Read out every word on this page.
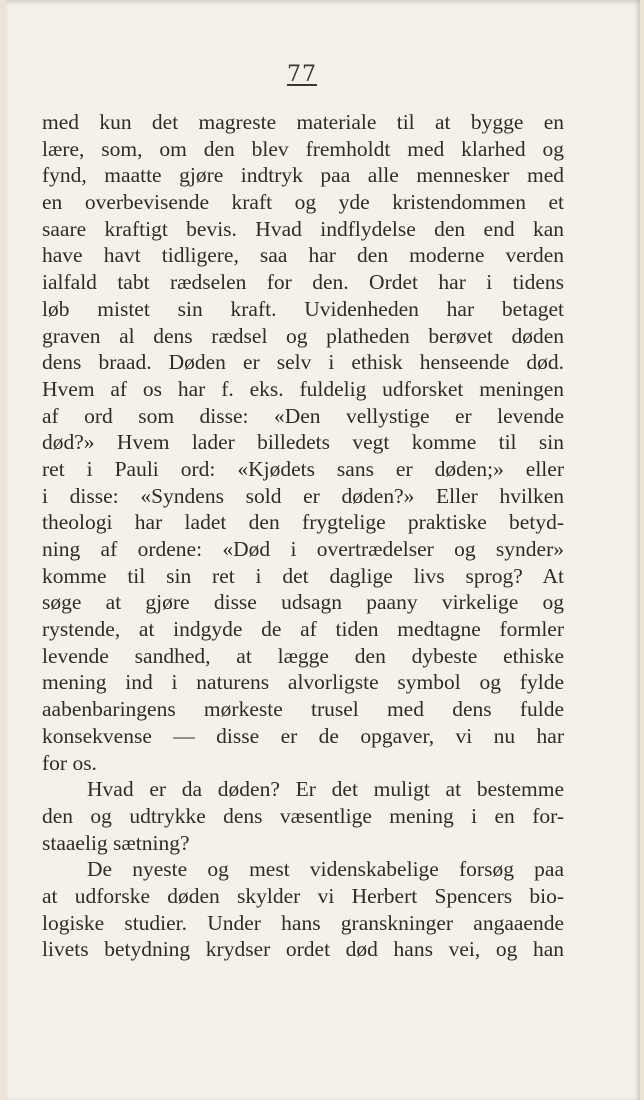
77
med kun det magreste materiale til at bygge en
lære, som, om den blev fremholdt med klarhed og
fynd, maatte gjøre indtryk paa alle mennesker med
en overbevisende kraft og yde kristendommen et
saare kraftigt bevis. Hvad indflydelse den end kan
have havt tidligere, saa har den moderne verden
ialfald tabt rædselen for den. Ordet har i tidens
løb mistet sin kraft. Uvidenheden har betaget
graven al dens rædsel og platheden berøvet døden
dens braad. Døden er selv i ethisk henseende død.
Hvem af os har f. eks. fuldelig udforsket meningen
af ord som disse: «Den vellystige er levende
død?» Hvem lader billedets vegt komme til sin
ret i Pauli ord: «Kjødets sans er døden;» eller
i disse: «Syndens sold er døden?» Eller hvilken
theologi har ladet den frygtelige praktiske betyd-
ning af ordene: «Død i overtrædelser og synder»
komme til sin ret i det daglige livs sprog? At
søge at gjøre disse udsagn paany virkelige og
rystende, at indgyde de af tiden medtagne formler
levende sandhed, at lægge den dybeste ethiske
mening ind i naturens alvorligste symbol og fylde
aabenbaringens mørkeste trusel med dens fulde
konsekvense — disse er de opgaver, vi nu har
for os.
Hvad er da døden? Er det muligt at bestemme
den og udtrykke dens væsentlige mening i en for-
staaelig sætning?
De nyeste og mest videnskabelige forsøg paa
at udforske døden skylder vi Herbert Spencers bio-
logiske studier. Under hans granskninger angaaende
livets betydning krydser ordet død hans vei, og han
